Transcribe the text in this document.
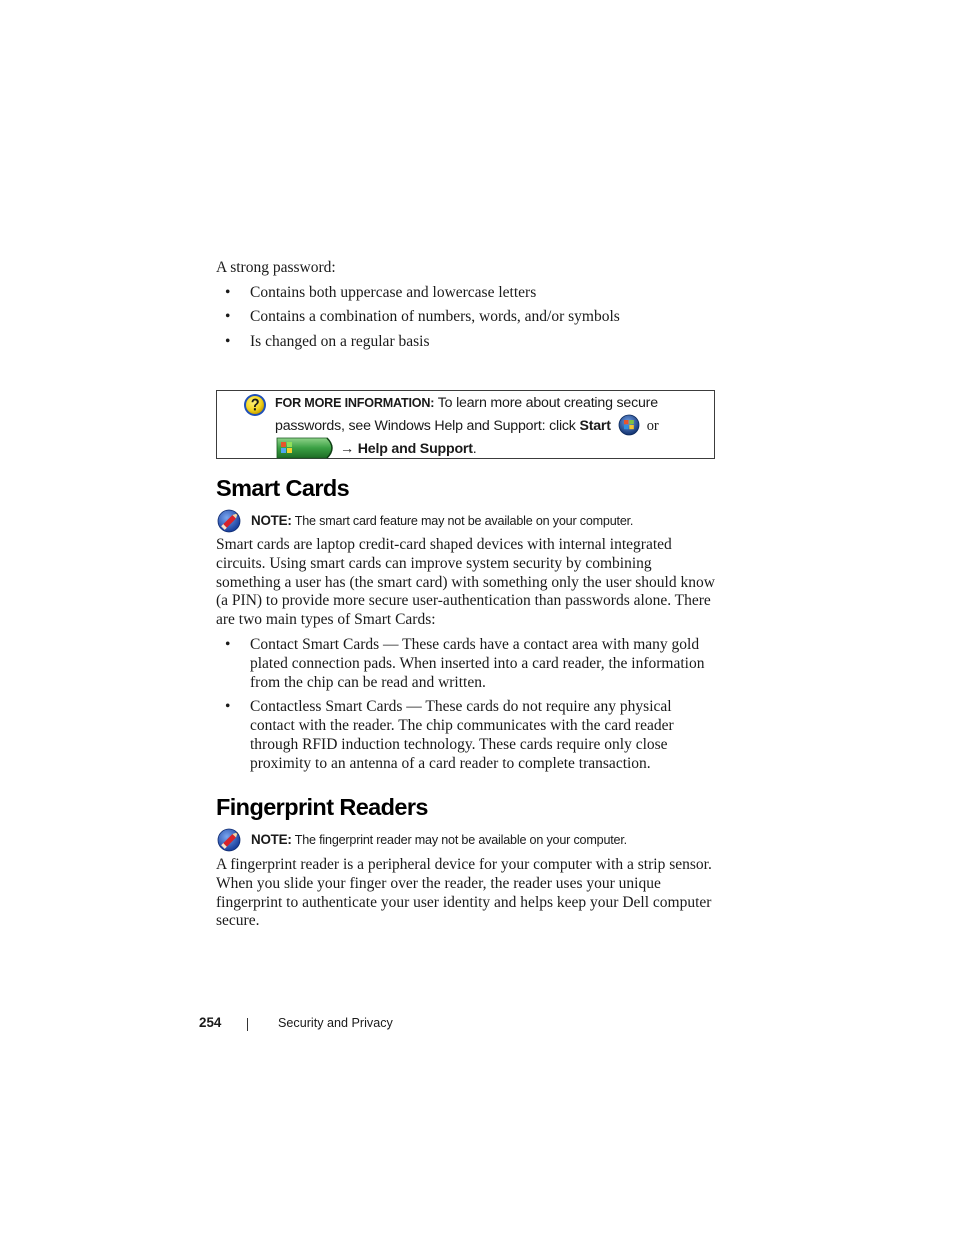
A strong password:
• Contains both uppercase and lowercase letters
• Contains a combination of numbers, words, and/or symbols
• Is changed on a regular basis
FOR MORE INFORMATION: To learn more about creating secure passwords, see Windows Help and Support: click Start or
→ Help and Support.
Smart Cards
NOTE: The smart card feature may not be available on your computer.

Smart cards are laptop credit-card shaped devices with internal integrated circuits. Using smart cards can improve system security by combining something a user has (the smart card) with something only the user should know (a PIN) to provide more secure user-authentication than passwords alone. There are two main types of Smart Cards:

• Contact Smart Cards — These cards have a contact area with many gold plated connection pads. When inserted into a card reader, the information from the chip can be read and written.
• Contactless Smart Cards — These cards do not require any physical contact with the reader. The chip communicates with the card reader through RFID induction technology. These cards require only close proximity to an antenna of a card reader to complete transaction.
Fingerprint Readers
NOTE: The fingerprint reader may not be available on your computer.

A fingerprint reader is a peripheral device for your computer with a strip sensor. When you slide your finger over the reader, the reader uses your unique fingerprint to authenticate your user identity and helps keep your Dell computer secure.

254	Security and Privacy
